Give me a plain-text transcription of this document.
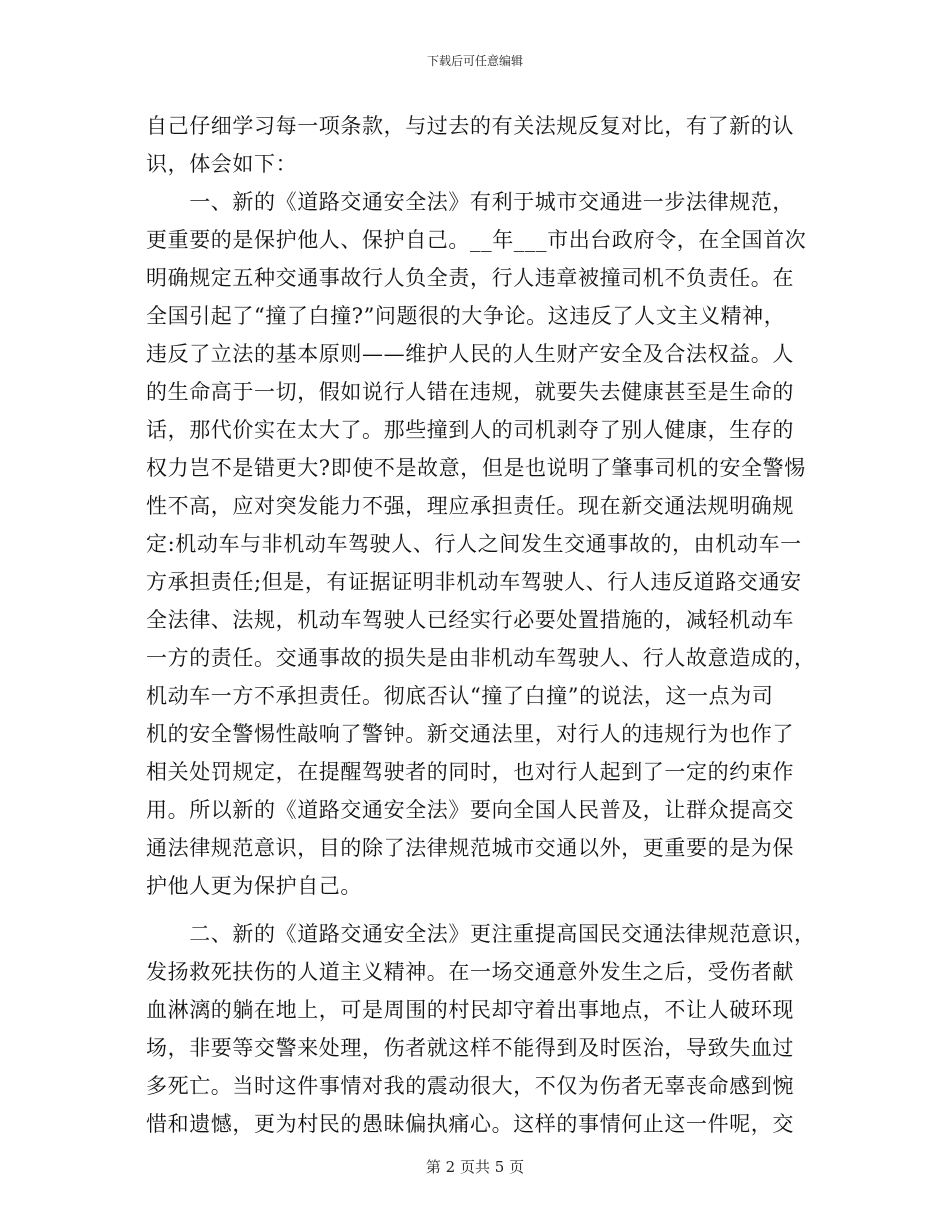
下载后可任意编辑
自己仔细学习每一项条款，与过去的有关法规反复对比，有了新的认
识，体会如下：
　　一、新的《道路交通安全法》有利于城市交通进一步法律规范，
更重要的是保护他人、保护自己。__年___市出台政府令，在全国首次
明确规定五种交通事故行人负全责，行人违章被撞司机不负责任。在
全国引起了“撞了白撞?”问题很的大争论。这违反了人文主义精神，
违反了立法的基本原则——维护人民的人生财产安全及合法权益。人
的生命高于一切，假如说行人错在违规，就要失去健康甚至是生命的
话，那代价实在太大了。那些撞到人的司机剥夺了别人健康，生存的
权力岂不是错更大?即使不是故意，但是也说明了肇事司机的安全警惕
性不高，应对突发能力不强，理应承担责任。现在新交通法规明确规
定:机动车与非机动车驾驶人、行人之间发生交通事故的，由机动车一
方承担责任;但是，有证据证明非机动车驾驶人、行人违反道路交通安
全法律、法规，机动车驾驶人已经实行必要处置措施的，减轻机动车
一方的责任。交通事故的损失是由非机动车驾驶人、行人故意造成的，
机动车一方不承担责任。彻底否认“撞了白撞”的说法，这一点为司
机的安全警惕性敲响了警钟。新交通法里，对行人的违规行为也作了
相关处罚规定，在提醒驾驶者的同时，也对行人起到了一定的约束作
用。所以新的《道路交通安全法》要向全国人民普及，让群众提高交
通法律规范意识，目的除了法律规范城市交通以外，更重要的是为保
护他人更为保护自己。
　　二、新的《道路交通安全法》更注重提高国民交通法律规范意识，
发扬救死扶伤的人道主义精神。在一场交通意外发生之后，受伤者献
血淋漓的躺在地上，可是周围的村民却守着出事地点，不让人破环现
场，非要等交警来处理，伤者就这样不能得到及时医治，导致失血过
多死亡。当时这件事情对我的震动很大，不仅为伤者无辜丧命感到惋
惜和遗憾，更为村民的愚昧偏执痛心。这样的事情何止这一件呢，交
第 2 页共 5 页
